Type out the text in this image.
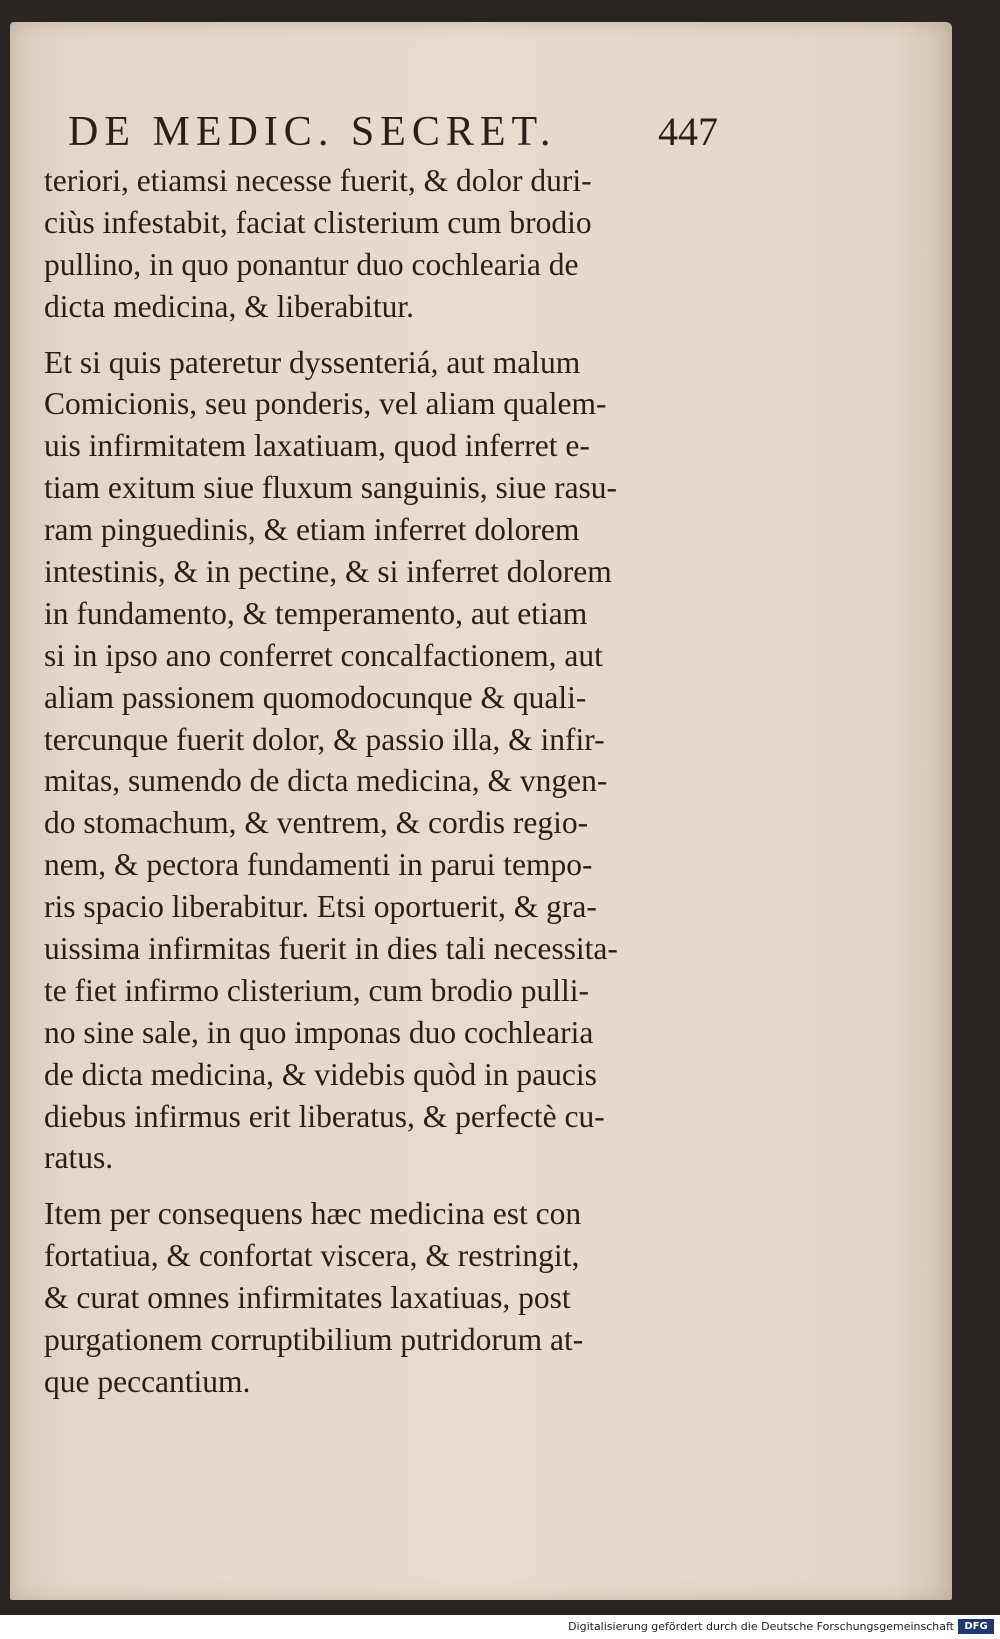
DE MEDIC. SECRET.	447
teriori, etiamsi necesse fuerit, & dolor duri-
ciùs infestabit, faciat clisterium cum brodio
pullino, in quo ponantur duo cochlearia de
dicta medicina, & liberabitur.
Et si quis pateretur dyssenteriá, aut malum
Comicionis, seu ponderis, vel aliam qualem-
uis infirmitatem laxatiuam, quod inferret e-
tiam exitum siue fluxum sanguinis, siue rasu-
ram pinguedinis, & etiam inferret dolorem
intestinis, & in pectine, & si inferret dolorem
in fundamento, & temperamento, aut etiam
si in ipso ano conferret concalfactionem, aut
aliam passionem quomodocunque & quali-
tercunque fuerit dolor, & passio illa, & infir-
mitas, sumendo de dicta medicina, & vngen-
do stomachum, & ventrem, & cordis regio-
nem, & pectora fundamenti in parui tempo-
ris spacio liberabitur. Etsi oportuerit, & gra-
uissima infirmitas fuerit in dies tali necessita-
te fiet infirmo clisterium, cum brodio pulli-
no sine sale, in quo imponas duo cochlearia
de dicta medicina, & videbis quòd in paucis
diebus infirmus erit liberatus, & perfectè cu-
ratus.
Item per consequens hæc medicina est con
fortatiua, & confortat viscera, & restringit,
& curat omnes infirmitates laxatiuas, post
purgationem corruptibilium putridorum at-
que peccantium.
Digitalisierung gefördert durch die Deutsche Forschungsgemeinschaft	DFG
